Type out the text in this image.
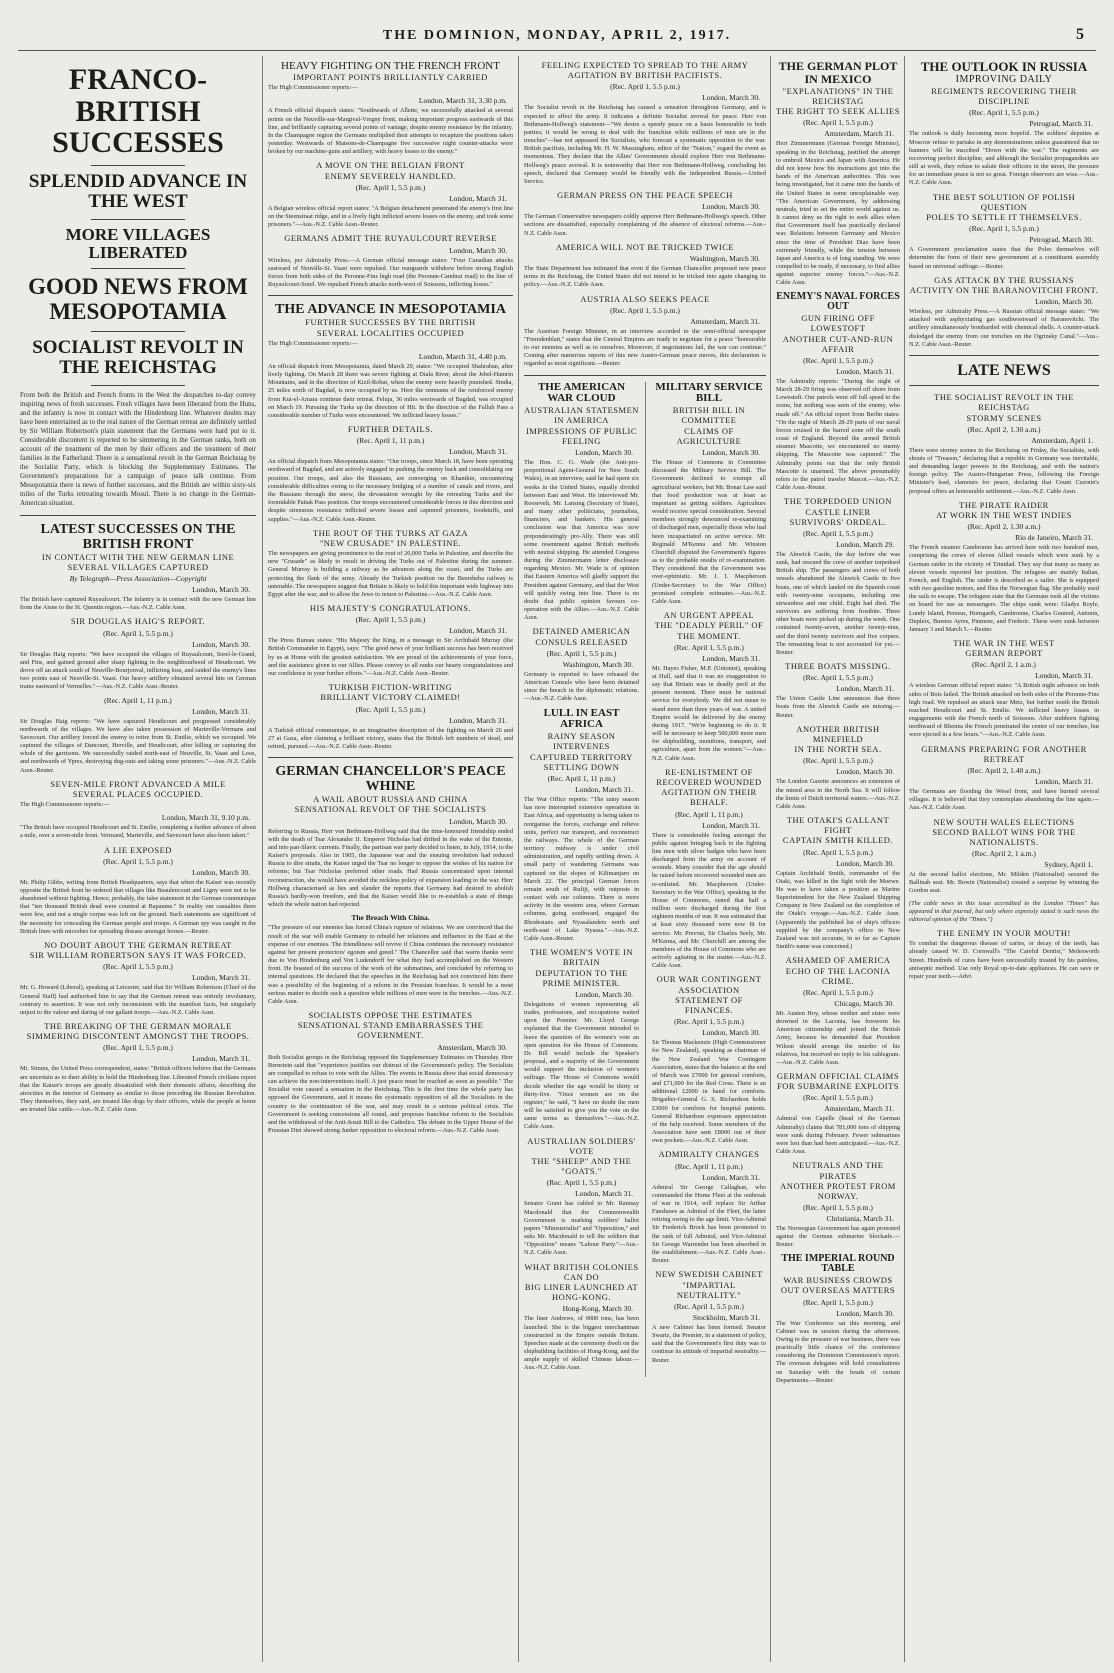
THE DOMINION, MONDAY, APRIL 2, 1917.	5
FRANCO-BRITISH SUCCESSES
SPLENDID ADVANCE IN THE WEST
MORE VILLAGES LIBERATED
GOOD NEWS FROM MESOPOTAMIA
SOCIALIST REVOLT IN THE REICHSTAG
From both the British and French fronts in the West the despatches to-day convey inspiring news of fresh successes. Fresh villages have been liberated from the Huns, and the infantry is now in contact with the Hindenburg line. Whatever doubts may have been entertained as to the real nature of the German retreat are definitely settled by Sir William Robertson's plain statement that the Germans were hard put to it. Considerable discontent is reported to be simmering in the German ranks, both on account of the treatment of the men by their officers and the treatment of their families in the Fatherland. There is a sensational revolt in the German Reichstag by the Socialist Party, which is blocking the Supplementary Estimates. The Government's preparations for a campaign of peace talk continue. From Mesopotamia there is news of further successes, and the British are within sixty-six miles of the Turks retreating towards Mosul. There is no change in the German-American situation.
LATEST SUCCESSES ON THE BRITISH FRONT
IN CONTACT WITH THE NEW GERMAN LINE
SEVERAL VILLAGES CAPTURED
By Telegraph—Press Association—Copyright
London, March 30.
The British have captured Ruyaulcourt. The infantry is in contact with the new German line from the Aisne to the St. Quentin region.—Aus.-N.Z. Cable Assn.
SIR DOUGLAS HAIG'S REPORT.
(Rec. April 1, 5.5 p.m.)
London, March 30.
Sir Douglas Haig reports: "We have occupied the villages of Ruyaulcourt, Sorel-le-Grand, and Fins, and gained ground after sharp fighting in the neighbourhood of Heudicourt. We drove off an attack south of Neuville-Bourjonval, inflicting loss, and raided the enemy's lines two points east of Neuville-St. Vaast. Our heavy artillery obtained several hits on German trains eastward of Vermelles."—Aus.-N.Z. Cable Assn.-Reuter.
(Rec. April 1, 11 p.m.)
London, March 31.
Sir Douglas Haig reports: "We have captured Heudicourt and progressed considerably northwards of the villages. We have also taken possession of Marteville-Vermans and Savecourt. Our artillery forced the enemy to retire from St. Emilie, which we occupied. We captured the villages of Dancourt, Herville, and Heudicourt, after killing or capturing the whole of the garrisons. We successfully raided north-east of Neuville, St. Vaast and Loos, and northwards of Ypres, destroying dug-outs and taking some prisoners."—Aus.-N.Z. Cable Assn.-Reuter.
SEVEN-MILE FRONT ADVANCED A MILE
SEVERAL PLACES OCCUPIED.
The High Commissioner reports:—
London, March 31, 9.10 p.m.
"The British have occupied Heudicourt and St. Emilie, completing a further advance of about a mile, over a seven-mile front. Vermand, Marteville, and Savecourt have also been taken."
A LIE EXPOSED
(Rec. April 1, 5.5 p.m.)
London, March 30.
Mr. Philip Gibbs, writing from British Headquarters, says that when the Kaiser was recently opposite the British front he ordered that villages like Beaulencourt and Ligny were not to be abandoned without fighting. Hence, probably, the false statement in the German communique that "ten thousand British dead were counted at Bapaume." In reality our casualties there were few, and not a single corpse was left on the ground. Such statements are significant of the necessity for concealing the German people and troops. A German spy was caught in the British lines with microbes for spreading disease amongst horses.—Reuter.
NO DOUBT ABOUT THE GERMAN RETREAT
SIR WILLIAM ROBERTSON SAYS IT WAS FORCED.
(Rec. April 1, 5.5 p.m.)
London, March 31.
Mr. G. Howard (Liberal), speaking at Leicester, said that Sir William Robertson (Chief of the General Staff) had authorised him to say that the German retreat was entirely involuntary, contrary to assertion. It was not only inconsistent with the manifest facts, but singularly unjust to the valour and daring of our gallant troops.—Aus.-N.Z. Cable Assn.
THE BREAKING OF THE GERMAN MORALE
SIMMERING DISCONTENT AMONGST THE TROOPS.
(Rec. April 1, 5.5 p.m.)
London, March 31.
Mr. Simms, the United Press correspondent, states: "British officers believe that the Germans are uncertain as to their ability to hold the Hindenburg line. Liberated French civilians report that the Kaiser's troops are greatly dissatisfied with their domestic affairs, describing the atrocities in the interior of Germany as similar to those preceding the Russian Revolution. They themselves, they said, are treated like dogs by their officers, while the people at home are treated like cattle.—Aus.-N.Z. Cable Assn.
HEAVY FIGHTING ON THE FRENCH FRONT
IMPORTANT POINTS BRILLIANTLY CARRIED
The High Commissioner reports:—
London, March 31, 3.30 p.m.
A French official dispatch states: "Southwards of Allette, we successfully attacked at several points on the Neuville-sur-Margival-Vregny front, making important progress eastwards of this line, and brilliantly capturing several points of vantage, despite enemy resistance by the infantry. In the Champagne region the Germans multiplied their attempts to recapture the positions taken yesterday. Westwards of Maisons-de-Champagne five successive night counter-attacks were broken by our machine-guns and artillery, with heavy losses to the enemy."
A MOVE ON THE BELGIAN FRONT
ENEMY SEVERELY HANDLED.
(Rec. April 1, 5.5 p.m.)
London, March 31.
A Belgian wireless official report states: "A Belgian detachment penetrated the enemy's first line on the Steenstraat ridge, and in a lively fight inflicted severe losses on the enemy, and took some prisoners."—Aus.-N.Z. Cable Assn.-Reuter.
GERMANS ADMIT THE RUYAULCOURT REVERSE
London, March 30.
Wireless, per Admiralty Press.—A German official message states: "Four Canadian attacks eastward of Neuville-St. Vaast were repulsed. Our rearguards withdrew before strong English forces from both sides of the Peronne-Fins high road (the Peronne-Cambrai road) to the line of Ruyaulcourt-Sorel. We repulsed French attacks north-west of Soissons, inflicting losses."
THE ADVANCE IN MESOPOTAMIA
FURTHER SUCCESSES BY THE BRITISH
SEVERAL LOCALITIES OCCUPIED
The High Commissioner reports:—
London, March 31, 4.40 p.m.
An official dispatch from Mesopotamia, dated March 29, states: "We occupied Shahraban, after lively fighting. On March 28 there was severe fighting at Diala River, about the Jebel-Hamrin Mountains, and in the direction of Kizil-Robat, when the enemy were heavily punished. Sindia, 25 miles north of Bagdad, is now occupied by us. Here the remnants of the reinforced enemy from Kut-el-Amara continue their retreat. Feluja, 36 miles westwards of Bagdad, was occupied on March 19. Pursuing the Turks up the direction of Hit. In the direction of the Falluh Pass a considerable number of Turks were encountered. We inflicted heavy losses."
FURTHER DETAILS.
(Rec. April 1, 11 p.m.)
London, March 31.
An official dispatch from Mesopotamia states: "Our troops, since March 18, have been operating northward of Bagdad, and are actively engaged in pushing the enemy back and consolidating our position. Our troops, and also the Russians, are converging on Khanikin, encountering considerable difficulties owing to the necessary bridging of a number of canals and rivers, and the Russians through the snow, the devastation wrought by the retreating Turks and the formidable Paitak Pass position. Our troops encountered considerable forces in this direction and despite strenuous resistance inflicted severe losses and captured prisoners, foodstuffs, and supplies."—Aus.-N.Z. Cable Assn.-Reuter.
THE ROUT OF THE TURKS AT GAZA
"NEW CRUSADE" IN PALESTINE.
The newspapers are giving prominence to the rout of 20,000 Turks in Palestine, and describe the new "Crusade" as likely to result in driving the Turks out of Palestine during the summer. General Murray is building a railway as he advances along the coast, and the Turks are protecting the flank of the army. Already the Turkish position on the Beersheba railway is untenable. The newspapers suggest that Britain is likely to hold this important wide highway into Egypt after the war, and to allow the Jews to return to Palestine.—Aus.-N.Z. Cable Assn.
HIS MAJESTY'S CONGRATULATIONS.
(Rec. April 1, 5.5 p.m.)
London, March 31.
The Press Bureau states: "His Majesty the King, in a message to Sir Archibald Murray (the British Commander in Egypt), says: "The good news of your brilliant success has been received by us at Home with the greatest satisfaction. We are proud of the achievements of your force, and the assistance given to our Allies. Please convey to all ranks our hearty congratulations and our confidence in your further efforts."—Aus.-N.Z. Cable Assn.-Reuter.
TURKISH FICTION-WRITING
BRILLIANT VICTORY CLAIMED!
(Rec. April 1, 5.5 p.m.)
London, March 31.
A Turkish official communique, in an imaginative description of the fighting on March 26 and 27 at Gaza, after claiming a brilliant victory, states that the British left numbers of dead, and retired, pursued.—Aus.-N.Z. Cable Assn.-Reuter.
GERMAN CHANCELLOR'S PEACE WHINE
A WAIL ABOUT RUSSIA AND CHINA
SENSATIONAL REVOLT OF THE SOCIALISTS
London, March 30.
Referring to Russia, Herr von Bethmann-Hollweg said that the time-honoured friendship ended with the death of Tsar Alexander II. Emperor Nicholas had drifted in the wake of the Entente, and into pan-Slavic currents. Finally, the partisan war party decided to listen, in July, 1914, to the Kaiser's proposals. Also in 1905, the Japanese war and the ensuing revolution had reduced Russia to dire straits, the Kaiser urged the Tsar no longer to oppose the wishes of his nation for reforms; but Tsar Nicholas preferred other roads. Had Russia concentrated upon internal reconstruction, she would have avoided the reckless policy of expansion leading to the war. Herr Hollweg characterised as lies and slander the reports that Germany had desired to abolish Russia's hardly-won freedom, and that the Kaiser would like to re-establish a state of things which the whole nation had rejected.
The Breach With China.
"The pressure of our enemies has forced China's rupture of relations. We are convinced that the result of the war will enable Germany to rebuild her relations and influence in the East at the expense of our enemies. The friendliness will revive if China continues the necessary resistance against her present protectors' egoism and greed." The Chancellor said that warm thanks were due to Von Hindenburg and Von Ludendorff for what they had accomplished on the Western front. He boasted of the success of the work of the submarines, and concluded by referring to internal questions. He declared that the speeches in the Reichstag had not convinced him there was a possibility of the beginning of a reform in the Prussian franchise. It would be a most serious matter to decide such a question while millions of men were in the trenches.—Aus.-N.Z. Cable Assn.
SOCIALISTS OPPOSE THE ESTIMATES
SENSATIONAL STAND EMBARRASSES THE GOVERNMENT.
Amsterdam, March 30.
Both Socialist groups in the Reichstag opposed the Supplementary Estimates on Thursday. Herr Bernstein said that "experience justifies our distrust of the Government's policy. The Socialists are compelled to refuse to vote with the Allies. The events in Russia show that social democracy can achieve the non-interventions itself. A just peace must be reached as soon as possible." The Socialist vote caused a sensation in the Reichstag. This is the first time the whole party has opposed the Government, and it means the systematic opposition of all the Socialists in the country to the continuation of the war, and may result in a serious political crisis. The Government is seeking concessions all round, and proposes franchise reform to the Socialists and the withdrawal of the Anti-Jesuit Bill to the Catholics. The debate in the Upper House of the Prussian Diet showed strong Junker opposition to electoral reform.—Aus.-N.Z. Cable Assn.
FEELING EXPECTED TO SPREAD TO THE ARMY
AGITATION BY BRITISH PACIFISTS.
(Rec. April 1, 5.5 p.m.)
London, March 30.
The Socialist revolt in the Reichstag has caused a sensation throughout Germany, and is expected to affect the army. It indicates a definite Socialist avowal for peace. Herr von Bethmann-Hollweg's statement—"We desire a speedy peace on a basis honourable to both parties; it would be wrong to deal with the franchise while millions of men are in the trenches"—has not appeased the Socialists, who forecast a systematic opposition to the war. British pacifists, including Mr. H. W. Massingham, editor of the "Nation," regard the event as momentous. They declare that the Allies' Governments should explore Herr von Bethmann-Hollweg's peace avowal. It is noteworthy that Herr von Bethmann-Hollweg, concluding his speech, declared that Germany would be friendly with the independent Russia.—United Service.
GERMAN PRESS ON THE PEACE SPEECH
London, March 30.
The German Conservative newspapers coldly approve Herr Bethmann-Hollweg's speech. Other sections are dissatisfied, especially complaining of the absence of electoral reforms.—Aus.-N.Z. Cable Assn.
AMERICA WILL NOT BE TRICKED TWICE
Washington, March 30.
The State Department has intimated that even if the German Chancellor proposed new peace terms in the Reichstag, the United States did not intend to be tricked into again changing its policy.—Aus.-N.Z. Cable Assn.
AUSTRIA ALSO SEEKS PEACE
(Rec. April 1, 5.5 p.m.)
Amsterdam, March 31.
The Austrian Foreign Minister, in an interview accorded to the semi-official newspaper "Fremdenblatt," states that the Central Empires are ready to negotiate for a peace "honourable to our enemies as well as to ourselves. Moreover, if negotiations fail, the war can continue." Coming after numerous reports of this new Austro-German peace moves, this declaration is regarded as most significant.—Reuter.
THE AMERICAN WAR CLOUD
AUSTRALIAN STATESMEN IN AMERICA
IMPRESSIONS OF PUBLIC FEELING
London, March 30.
The Hon. C. G. Wade (the Anti-pro-proportional Agent-General for New South Wales), in an interview, said he had spent six weeks in the United States, equally divided between East and West. He interviewed Mr. Roosevelt, Mr. Lansing (Secretary of State), and many other politicians, journalists, financiers, and bankers. His general conclusion was that America was now preponderatingly pro-Ally. There was still some resentment against British methods with neutral shipping. He attended Congress during the Zimmermann letter disclosure regarding Mexico. Mr. Wade is of opinion that Eastern America will gladly support the President against Germany, and that the West will quickly swing into line. There is no doubt that public opinion favours co-operation with the Allies.—Aus.-N.Z. Cable Assn.
DETAINED AMERICAN CONSULS RELEASED
(Rec. April 1, 5.5 p.m.)
Washington, March 30.
Germany is reported to have released the American Consuls who have been detained since the breach in the diplomatic relations.—Aus.-N.Z. Cable Assn.
LULL IN EAST AFRICA
RAINY SEASON INTERVENES
CAPTURED TERRITORY SETTLING DOWN
(Rec. April 1, 11 p.m.)
London, March 31.
The War Office reports: "The rainy season has now interrupted extensive operations in East Africa, and opportunity is being taken to reorganise the forces, exchange and relieve units, perfect our transport, and reconstruct the railways. The whole of the German territory midway is under civil administration, and rapidly settling down. A small party of wandering Germans was captured on the slopes of Kilimanjaro on March 22. The principal German forces remain south of Rufiji, with outposts in contact with our columns. There is more activity in the western area, where German columns, going southward, engaged the Rhodesians and Nyasalanders north and north-east of Lake Nyassa."—Aus.-N.Z. Cable Assn.-Reuter.
THE WOMEN'S VOTE IN BRITAIN
DEPUTATION TO THE PRIME MINISTER.
London, March 30.
Delegations of women representing all trades, professions, and occupations waited upon the Premier. Mr. Lloyd George explained that the Government intended to leave the question of the women's vote an open question for the House of Commons. Dr. Bill would include the Speaker's proposal, and a majority of the Government would support the inclusion of women's suffrage. The House of Commons would decide whether the age would be thirty or thirty-five. "Once women are on the register," he said, "I have no doubt the men will be satisfied to give you the vote on the same terms as themselves."—Aus.-N.Z. Cable Assn.
AUSTRALIAN SOLDIERS' VOTE
THE "SHEEP" AND THE "GOATS."
(Rec. April 1, 5.5 p.m.)
London, March 31.
Senator Grant has cabled to Mr. Ramsay Macdonald that the Commonwealth Government is marking soldiers' ballot papers "Ministerialist" and "Opposition," and asks Mr. Macdonald to tell the soldiers that "Opposition" means "Labour Party."—Aus.-N.Z. Cable Assn.
WHAT BRITISH COLONIES CAN DO
BIG LINER LAUNCHED AT HONG-KONG.
Hong-Kong, March 30.
The liner Andrews, of 9000 tons, has been launched. She is the biggest merchantman constructed in the Empire outside Britain. Speeches made at the ceremony dwelt on the shipbuilding facilities of Hong-Kong, and the ample supply of skilled Chinese labour.—Aus.-N.Z. Cable Assn.
MILITARY SERVICE BILL
BRITISH BILL IN COMMITTEE
CLAIMS OF AGRICULTURE
London, March 30.
The House of Commons in Committee discussed the Military Service Bill. The Government declined to exempt all agricultural workers, but Mr. Bonar Law said that food production was at least as important as getting soldiers. Agriculture would receive special consideration. Several members strongly denounced re-examining of discharged men, especially those who had been incapacitated on active service. Mr. Reginald M'Kenna and Mr. Winston Churchill disputed the Government's figures as to the probable results of re-examination. They considered that the Government was over-optimistic. Mr. J. I. Macpherson (Under-Secretary to the War Office) promised complete estimates.—Aus.-N.Z. Cable Assn.
AN URGENT APPEAL
THE "DEADLY PERIL" OF THE MOMENT.
(Rec. April 1, 5.5 p.m.)
London, March 31.
Mr. Hayes Fisher, M.P. (Unionist), speaking at Hull, said that it was no exaggeration to say that Britain was in deadly peril at the present moment. There must be national service for everybody. We did not mean to stand more than three years of war. A united Empire would be delivered by the enemy during 1917. "We're beginning to do it. It will be necessary to keep 500,000 more men for shipbuilding, munitions, transport, and agriculture, apart from the women."—Aus.-N.Z. Cable Assn.
RE-ENLISTMENT OF RECOVERED WOUNDED
AGITATION ON THEIR BEHALF.
(Rec. April 1, 11 p.m.)
London, March 31.
There is considerable feeling amongst the public against bringing back to the fighting line men with silver badges who have been discharged from the army on account of wounds. Many consider that the age should be raised before recovered wounded men are re-enlisted. Mr. Macpherson (Under-Secretary to the War Office), speaking in the House of Commons, stated that half a million were discharged during the first eighteen months of war. It was estimated that at least sixty thousand were now fit for service. Mr. Prevost, Sir Charles Seely, Mr. M'Kenna, and Mr. Churchill are among the members of the House of Commons who are actively agitating in the matter.—Aus.-N.Z. Cable Assn.
OUR WAR CONTINGENT ASSOCIATION
STATEMENT OF FINANCES.
(Rec. April 1, 5.5 p.m.)
London, March 30.
Sir Thomas Mackenzie (High Commissioner for New Zealand), speaking as chairman of the New Zealand War Contingent Association, states that the balance at the end of March was £7000 for general comforts, and £71,000 for the Red Cross. There is an additional £2000 in hand for comforts. Brigadier-General G. S. Richardson holds £3000 for comforts for hospital patients. General Richardson expresses appreciation of the help received. Some members of the Association have sent £8000 out of their own pockets.—Aus.-N.Z. Cable Assn.
ADMIRALTY CHANGES
(Rec. April 1, 11 p.m.)
London, March 31.
Admiral Sir George Callaghan, who commanded the Home Fleet at the outbreak of war in 1914, will replace Sir Arthur Fanshawe as Admiral of the Fleet, the latter retiring owing to the age limit. Vice-Admiral Sir Frederick Brock has been promoted to the rank of full Admiral, and Vice-Admiral Sir George Warrender has been absorbed in the establishment.—Aus.-N.Z. Cable Assn.-Reuter.
NEW SWEDISH CABINET
"IMPARTIAL NEUTRALITY."
(Rec. April 1, 5.5 p.m.)
Stockholm, March 31.
A new Cabinet has been formed. Senator Swartz, the Premier, in a statement of policy, said that the Government's first duty was to continue its attitude of impartial neutrality.—Reuter.
THE GERMAN PLOT IN MEXICO
"EXPLANATIONS" IN THE REICHSTAG
THE RIGHT TO SEEK ALLIES
(Rec. April 1, 5.5 p.m.)
Amsterdam, March 31.
Herr Zimmermann (German Foreign Minister), speaking in the Reichstag, justified the attempt to embroil Mexico and Japan with America. He did not know how his instructions got into the hands of the American authorities. This was being investigated, but it came into the hands of the United States in some unexplainable way. "The American Government, by addressing neutrals, tried to set the entire world against us. It cannot deny us the right to seek allies when that Government itself has practically declared war. Relations between Germany and Mexico since the time of President Diaz have been extremely friendly, while the tension between Japan and America is of long standing. We were compelled to be ready, if necessary, to find allies against superior enemy forces."—Aus.-N.Z. Cable Assn.
ENEMY'S NAVAL FORCES OUT
GUN FIRING OFF LOWESTOFT
ANOTHER CUT-AND-RUN AFFAIR
(Rec. April 1, 5.5 p.m.)
London, March 31.
The Admiralty reports: "During the night of March 28-29 firing was observed off shore from Lowestoft. Our patrols went off full speed to the scene, but nothing was seen of the enemy, who made off." An official report from Berlin states: "On the night of March 28-29 parts of our naval forces cruised in the barred zone off the south coast of England. Beyond the armed British steamer Mascotte, we encountered no enemy shipping. The Mascotte was captured." The Admiralty points out that the only British Mascotte is unarmed. The above presumably refers to the patrol trawler Mascot.—Aus.-N.Z. Cable Assn.-Reuter.
THE TORPEDOED UNION CASTLE LINER
SURVIVORS' ORDEAL.
(Rec. April 1, 5.5 p.m.)
London, March 29.
The Alnwick Castle, the day before she was sunk, had rescued the crew of another torpedoed British ship. The passengers and crews of both vessels abandoned the Alnwick Castle in five boats, one of which landed on the Spanish coast with twenty-nine occupants, including one stewardess and one child. Eight had died. The survivors are suffering from frostbite. Three other boats were picked up during the week. One contained twenty-seven, another twenty-nine, and the third twenty survivors and five corpses. The remaining boat is not accounted for yet.—Reuter.
THREE BOATS MISSING.
(Rec. April 1, 5.5 p.m.)
London, March 31.
The Union Castle Line announces that three boats from the Alnwick Castle are missing.—Reuter.
ANOTHER BRITISH MINEFIELD
IN THE NORTH SEA.
(Rec. April 1, 5.5 p.m.)
London, March 30.
The London Gazette announces an extension of the mined area in the North Sea. It will follow the limits of Dutch territorial waters.—Aus.-N.Z. Cable Assn.
THE OTAKI'S GALLANT FIGHT
CAPTAIN SMITH KILLED.
(Rec. April 1, 5.5 p.m.)
London, March 30.
Captain Archibald Smith, commander of the Otaki, was killed in the fight with the Moewe. He was to have taken a position as Marine Superintendent for the New Zealand Shipping Company in New Zealand on the completion of the Otaki's voyage.—Aus.-N.Z. Cable Assn. (Apparently the published list of ship's officers supplied by the company's office in New Zealand was not accurate, in so far as Captain Smith's name was concerned.)
ASHAMED OF AMERICA
ECHO OF THE LACONIA CRIME.
(Rec. April 1, 5.5 p.m.)
Chicago, March 30.
Mr. Austen Hoy, whose mother and sister were drowned in the Laconia, has forsworn his American citizenship and joined the British Army, because he demanded that President Wilson should avenge the murder of his relatives, but received no reply to his cablegram.—Aus.-N.Z. Cable Assn.
GERMAN OFFICIAL CLAIMS FOR SUBMARINE EXPLOITS
(Rec. April 1, 5.5 p.m.)
Amsterdam, March 31.
Admiral von Capelle (head of the German Admiralty) claims that 781,000 tons of shipping were sunk during February. Fewer submarines were lost than had been anticipated.—Aus.-N.Z. Cable Assn.
NEUTRALS AND THE PIRATES
ANOTHER PROTEST FROM NORWAY.
(Rec. April 1, 5.5 p.m.)
Christiania, March 31.
The Norwegian Government has again protested against the German submarine blockade.—Reuter.
THE IMPERIAL ROUND TABLE
WAR BUSINESS CROWDS OUT OVERSEAS MATTERS
(Rec. April 1, 5.5 p.m.)
London, March 30.
The War Conference sat this morning, and Cabinet was in session during the afternoon. Owing to the pressure of war business, there was practically little chance of the conference considering the Dominion Commission's report. The overseas delegates will hold consultations on Saturday with the heads of certain Departments.—Reuter.
THE OUTLOOK IN RUSSIA
IMPROVING DAILY
REGIMENTS RECOVERING THEIR DISCIPLINE
(Rec. April 1, 5.5 p.m.)
Petrograd, March 31.
The outlook is daily becoming more hopeful. The soldiers' deputies at Moscow refuse to partake in any demonstrations unless guaranteed that no banners will be inscribed "Down with the war." The regiments are recovering perfect discipline, and although the Socialist propagandists are still at work, they refuse to salute their officers in the street, the pressure for an immediate peace is not so great. Foreign observers are wise.—Aus.-N.Z. Cable Assn.
THE BEST SOLUTION OF POLISH QUESTION
POLES TO SETTLE IT THEMSELVES.
(Rec. April 1, 5.5 p.m.)
Petrograd, March 30.
A Government proclamation states that the Poles themselves will determine the form of their new government at a constituent assembly based on universal suffrage.—Reuter.
GAS ATTACK BY THE RUSSIANS
ACTIVITY ON THE BARANOVITCHI FRONT.
London, March 30.
Wireless, per Admiralty Press.—A Russian official message states: "We attacked with asphyxiating gas southwestward of Baranovitchi. The artillery simultaneously bombarded with chemical shells. A counter-attack dislodged the enemy from our trenches on the Ogrinsky Canal."—Aus.-N.Z. Cable Assn.-Reuter.
LATE NEWS
THE SOCIALIST REVOLT IN THE REICHSTAG
STORMY SCENES
(Rec. April 2, 1.30 a.m.)
Amsterdam, April 1.
There were stormy scenes in the Reichstag on Friday, the Socialists, with shouts of "Treason," declaring that a republic in Germany was inevitable, and demanding larger powers in the Reichstag, and with the nation's foreign policy. The Austro-Hungarian Press, following the Foreign Minister's lead, clamours for peace, declaring that Count Czernin's proposal offers an honourable settlement.—Aus.-N.Z. Cable Assn.
THE PIRATE RAIDER
AT WORK IN THE WEST INDIES
(Rec. April 2, 1.30 a.m.)
Rio de Janeiro, March 31.
The French steamer Cambronne has arrived here with two hundred men, comprising the crews of eleven Allied vessels which were sunk by a German raider in the vicinity of Trinidad. They say that many as many as eleven vessels reported her position. The refugees are mainly Italian, French, and English. The raider is described as a sailer. She is equipped with two gasoline motors, and flies the Norwegian flag. She probably used the sails to escape. The refugees state that the Germans took all the victims on board for use as messengers. The ships sunk were: Gladys Royle, Lundy Island, Perseus, Horngarth, Cambronne, Charles Gounod, Antonin, Dupleix, Buenos Ayres, Pinmore, and Frederic. These were sunk between January 3 and March 5.—Reuter.
THE WAR IN THE WEST
GERMAN REPORT
(Rec. April 2, 1 a.m.)
London, March 31.
A wireless German official report states: "A British night advance on both sides of Bois failed. The British attacked on both sides of the Peronne-Fins high road. We repulsed an attack near Metz, but further south the British reached Heudicourt and St. Emilie. We inflicted heavy losses in engagements with the French north of Soissons. After stubborn fighting northward of Rheims the French penetrated the centre of our trenches, but were ejected in a few hours."—Aus.-N.Z. Cable Assn.
GERMANS PREPARING FOR ANOTHER RETREAT
(Rec. April 2, 1.40 a.m.)
London, March 31.
The Germans are flooding the Wesel front, and have burned several villages. It is believed that they contemplate abandoning the line again.—Aus.-N.Z. Cable Assn.
NEW SOUTH WALES ELECTIONS
SECOND BALLOT WINS FOR THE NATIONALISTS.
(Rec. April 2, 1 a.m.)
Sydney, April 1.
At the second ballot elections, Mr. Milden (Nationalist) secured the Ballinah seat. Mr. Bowin (Nationalist) created a surprise by winning the Gordon seat.
(The cable news in this issue accredited to the London "Times" has appeared in that journal, but only where expressly stated is such news the editorial opinion of the "Times.")
THE ENEMY IN YOUR MOUTH!
To combat the dangerous disease of caries, or decay of the teeth, has already caused W. D. Cornwall's "The Careful Dentist," Molesworth Street. Hundreds of cures have been successfully treated by his painless, antiseptic method. Use only Royal up-to-date appliances. He can save or repair your teeth.—Advt.
